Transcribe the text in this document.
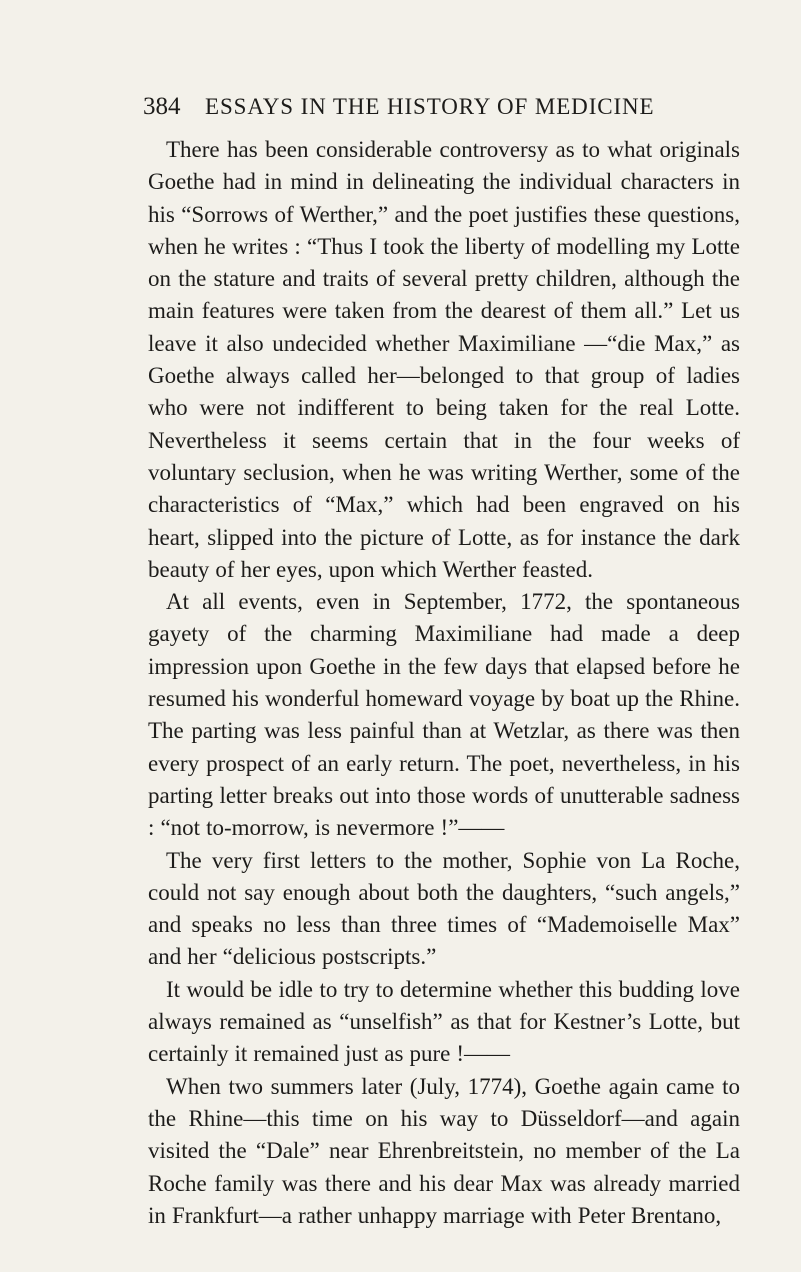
384 ESSAYS IN THE HISTORY OF MEDICINE

There has been considerable controversy as to what originals Goethe had in mind in delineating the individual characters in his “Sorrows of Werther,” and the poet justifies these questions, when he writes : “Thus I took the liberty of modelling my Lotte on the stature and traits of several pretty children, although the main features were taken from the dearest of them all.” Let us leave it also undecided whether Maximiliane —“die Max,” as Goethe always called her—belonged to that group of ladies who were not indifferent to being taken for the real Lotte. Nevertheless it seems certain that in the four weeks of voluntary seclusion, when he was writing Werther, some of the characteristics of “Max,” which had been engraved on his heart, slipped into the picture of Lotte, as for instance the dark beauty of her eyes, upon which Werther feasted.

At all events, even in September, 1772, the spontaneous gayety of the charming Maximiliane had made a deep impression upon Goethe in the few days that elapsed before he resumed his wonderful homeward voyage by boat up the Rhine. The parting was less painful than at Wetzlar, as there was then every prospect of an early return. The poet, nevertheless, in his parting letter breaks out into those words of unutterable sadness : “not to-morrow, is nevermore !”——

The very first letters to the mother, Sophie von La Roche, could not say enough about both the daughters, “such angels,” and speaks no less than three times of “Mademoiselle Max” and her “delicious postscripts.”

It would be idle to try to determine whether this budding love always remained as “unselfish” as that for Kestner’s Lotte, but certainly it remained just as pure !——

When two summers later (July, 1774), Goethe again came to the Rhine—this time on his way to Düsseldorf—and again visited the “Dale” near Ehrenbreitstein, no member of the La Roche family was there and his dear Max was already married in Frankfurt—a rather unhappy marriage with Peter Brentano,
